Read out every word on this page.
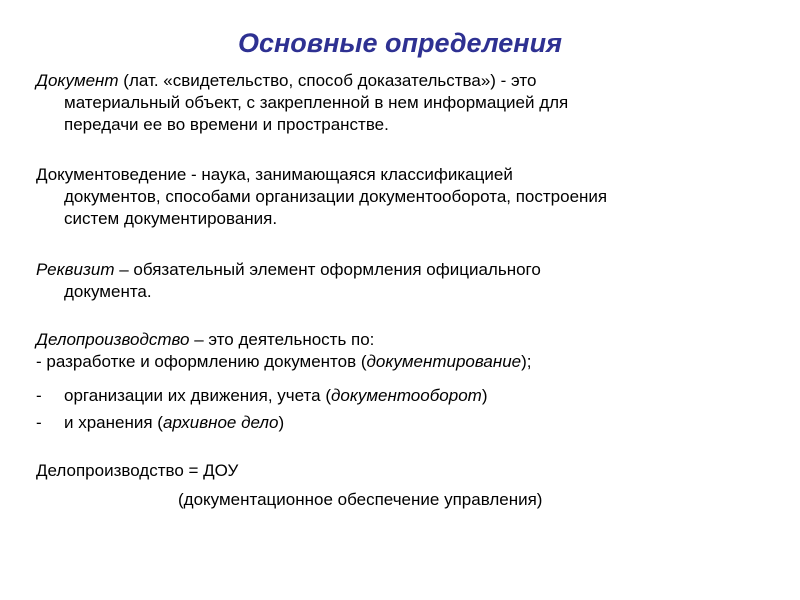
Основные определения
Документ (лат. «свидетельство, способ доказательства») - это
материальный объект, с закрепленной в нем информацией для
передачи ее во времени и пространстве.
Документоведение - наука, занимающаяся классификацией
документов, способами организации документооборота, построения
систем документирования.
Реквизит – обязательный элемент оформления официального
документа.
Делопроизводство – это деятельность по:
- разработке и оформлению документов (документирование);
- организации их движения, учета (документооборот)
- и хранения (архивное дело)
Делопроизводство = ДОУ
(документационное обеспечение управления)
